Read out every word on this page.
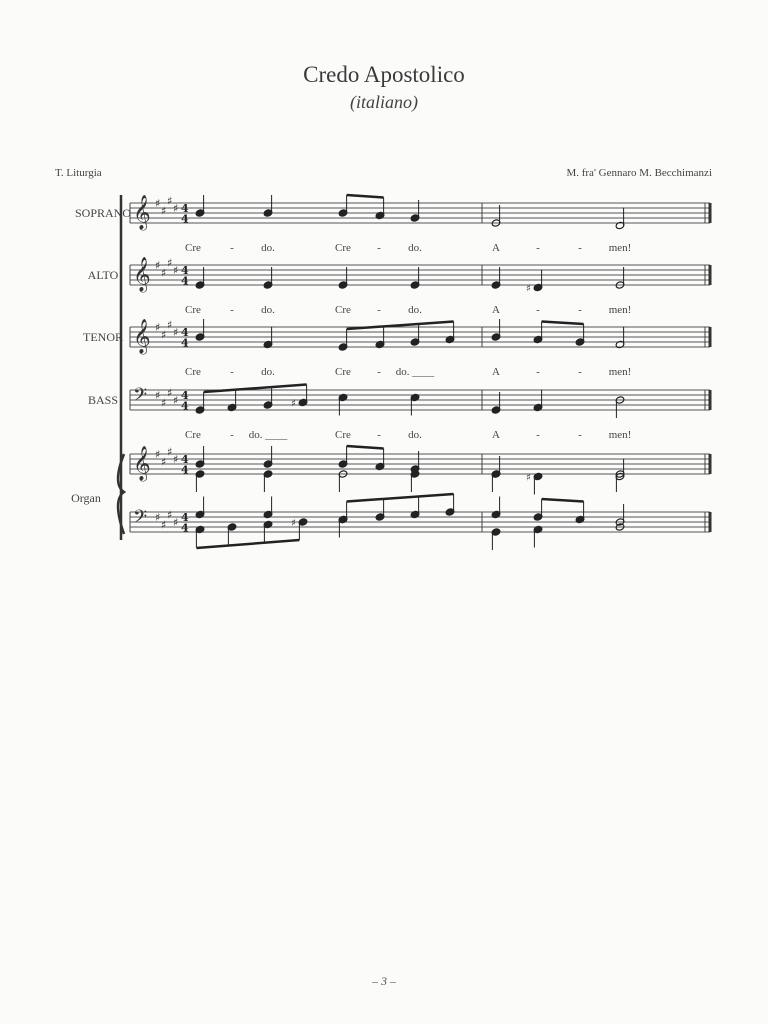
Credo Apostolico
(italiano)
T. Liturgia	M. fra' Gennaro M. Becchimanzi
𝄞 ♯
♯
♯
♯ 4
4
SOPRANO
Cre	- do.	Cre - do.	A	-	- men!
𝄞 ♯
♯
♯
♯ 4
4
ALTO
Cre	- do.	Cre - do.	A	-	- men!
𝄞 ♯
♯
♯
♯ 4
4
TENOR
Cre	- do.	Cre - do. ____	A	-	- men!
𝄢 ♯
♯
♯
♯ 4
4
BASS
Cre	- do. ____	Cre - do.	A	-	- men!
𝄞 ♯
♯
♯
♯ 4
4
𝄢 ♯
♯
♯
♯ 4
4
Organ
♯
♯
♯
♯
– 3 –
